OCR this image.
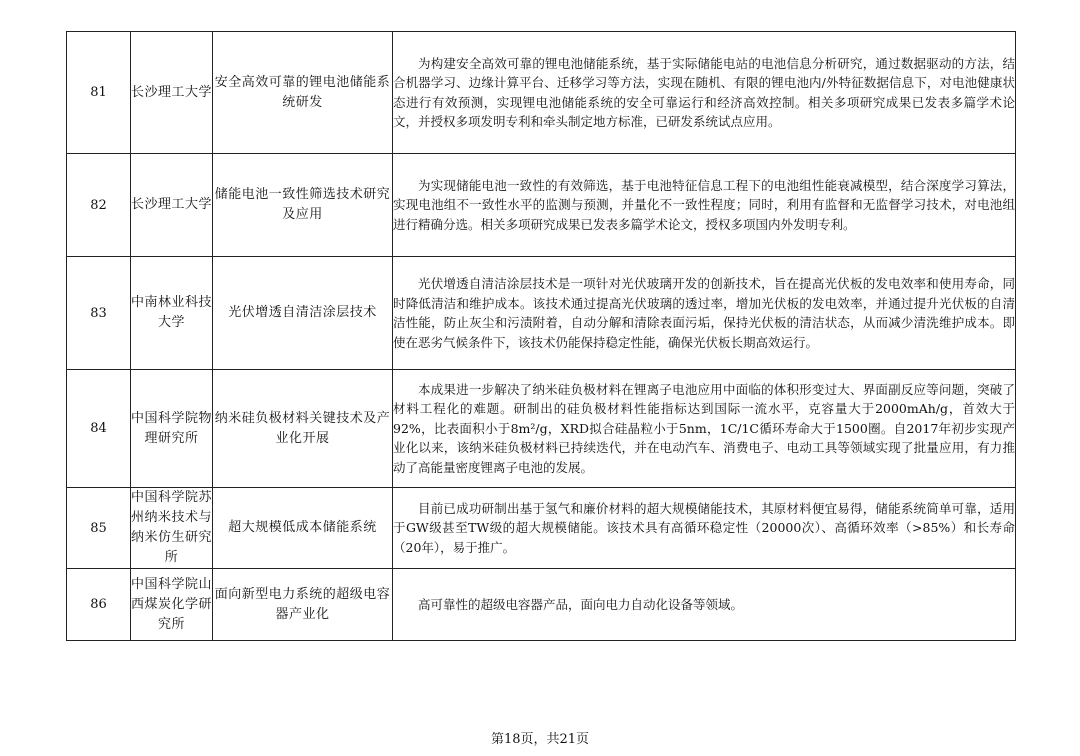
81	长沙理工大学	安全高效可靠的锂电池储能系统研发	为构建安全高效可靠的锂电池储能系统，基于实际储能电站的电池信息分析研究，通过数据驱动的方法，结合机器学习、边缘计算平台、迁移学习等方法，实现在随机、有限的锂电池内/外特征数据信息下，对电池健康状态进行有效预测，实现锂电池储能系统的安全可靠运行和经济高效控制。相关多项研究成果已发表多篇学术论文，并授权多项发明专利和牵头制定地方标准，已研发系统试点应用。
82	长沙理工大学	储能电池一致性筛选技术研究及应用	为实现储能电池一致性的有效筛选，基于电池特征信息工程下的电池组性能衰减模型，结合深度学习算法，实现电池组不一致性水平的监测与预测，并量化不一致性程度；同时，利用有监督和无监督学习技术，对电池组进行精确分选。相关多项研究成果已发表多篇学术论文，授权多项国内外发明专利。
83	中南林业科技大学	光伏增透自清洁涂层技术	光伏增透自清洁涂层技术是一项针对光伏玻璃开发的创新技术，旨在提高光伏板的发电效率和使用寿命，同时降低清洁和维护成本。该技术通过提高光伏玻璃的透过率，增加光伏板的发电效率，并通过提升光伏板的自清洁性能，防止灰尘和污渍附着，自动分解和清除表面污垢，保持光伏板的清洁状态，从而减少清洗维护成本。即使在恶劣气候条件下，该技术仍能保持稳定性能，确保光伏板长期高效运行。
84	中国科学院物理研究所	纳米硅负极材料关键技术及产业化开展	本成果进一步解决了纳米硅负极材料在锂离子电池应用中面临的体积形变过大、界面副反应等问题，突破了材料工程化的难题。研制出的硅负极材料性能指标达到国际一流水平，克容量大于2000mAh/g，首效大于92%，比表面积小于8m²/g，XRD拟合硅晶粒小于5nm，1C/1C循环寿命大于1500圈。自2017年初步实现产业化以来，该纳米硅负极材料已持续迭代，并在电动汽车、消费电子、电动工具等领域实现了批量应用，有力推动了高能量密度锂离子电池的发展。
85	中国科学院苏州纳米技术与纳米仿生研究所	超大规模低成本储能系统	目前已成功研制出基于氢气和廉价材料的超大规模储能技术，其原材料便宜易得，储能系统简单可靠，适用于GW级甚至TW级的超大规模储能。该技术具有高循环稳定性（20000次）、高循环效率（>85%）和长寿命（20年），易于推广。
86	中国科学院山西煤炭化学研究所	面向新型电力系统的超级电容器产业化	高可靠性的超级电容器产品，面向电力自动化设备等领域。
第18页，共21页
